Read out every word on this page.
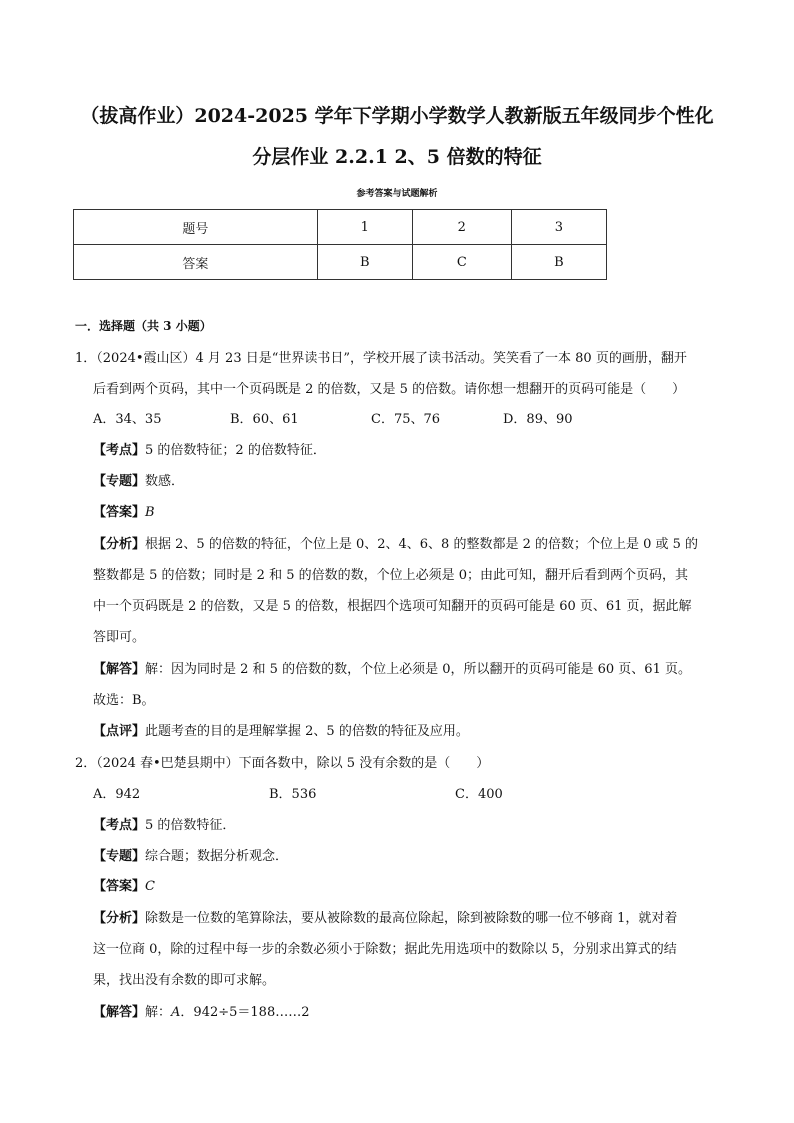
（拔高作业）2024-2025 学年下学期小学数学人教新版五年级同步个性化
分层作业 2.2.1 2、5 倍数的特征
参考答案与试题解析
题号	1	2	3
答案	B	C	B
一．选择题（共 3 小题）
1．（2024•霞山区）4 月 23 日是“世界读书日”，学校开展了读书活动。笑笑看了一本 80 页的画册，翻开
后看到两个页码，其中一个页码既是 2 的倍数，又是 5 的倍数。请你想一想翻开的页码可能是（　　）
A．34、35	B．60、61	C．75、76	D．89、90
【考点】5 的倍数特征；2 的倍数特征．
【专题】数感．
【答案】B
【分析】根据 2、5 的倍数的特征，个位上是 0、2、4、6、8 的整数都是 2 的倍数；个位上是 0 或 5 的
整数都是 5 的倍数；同时是 2 和 5 的倍数的数，个位上必须是 0；由此可知，翻开后看到两个页码，其
中一个页码既是 2 的倍数，又是 5 的倍数，根据四个选项可知翻开的页码可能是 60 页、61 页，据此解
答即可。
【解答】解：因为同时是 2 和 5 的倍数的数，个位上必须是 0，所以翻开的页码可能是 60 页、61 页。
故选：B。
【点评】此题考查的目的是理解掌握 2、5 的倍数的特征及应用。
2．（2024 春•巴楚县期中）下面各数中，除以 5 没有余数的是（　　）
A．942	B．536	C．400
【考点】5 的倍数特征．
【专题】综合题；数据分析观念．
【答案】C
【分析】除数是一位数的笔算除法，要从被除数的最高位除起，除到被除数的哪一位不够商 1，就对着
这一位商 0，除的过程中每一步的余数必须小于除数；据此先用选项中的数除以 5，分别求出算式的结
果，找出没有余数的即可求解。
【解答】解：A．942÷5＝188……2
